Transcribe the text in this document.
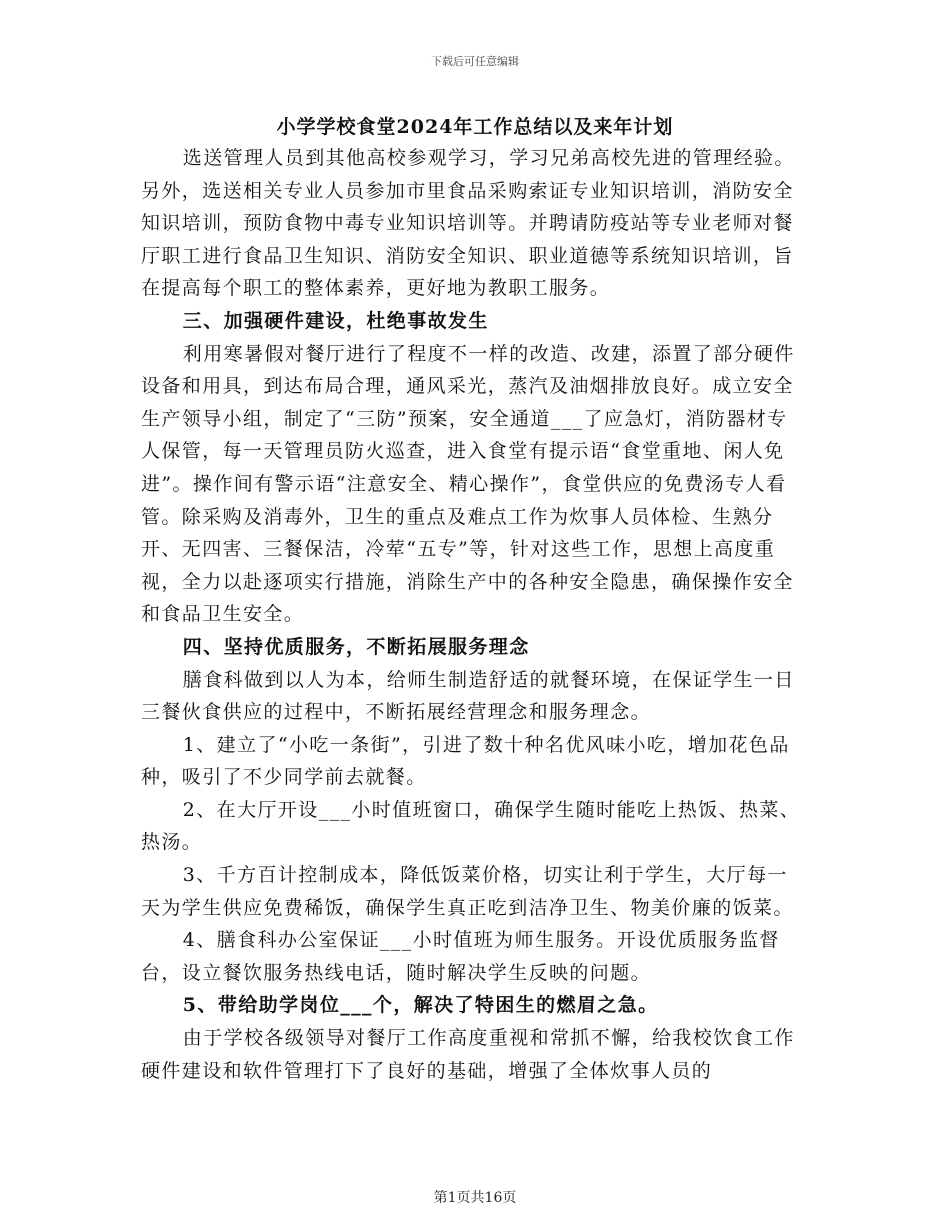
下载后可任意编辑
小学学校食堂2024年工作总结以及来年计划

选送管理人员到其他高校参观学习，学习兄弟高校先进的管理经验。另外，选送相关专业人员参加市里食品采购索证专业知识培训，消防安全知识培训，预防食物中毒专业知识培训等。并聘请防疫站等专业老师对餐厅职工进行食品卫生知识、消防安全知识、职业道德等系统知识培训，旨在提高每个职工的整体素养，更好地为教职工服务。

三、加强硬件建设，杜绝事故发生

利用寒暑假对餐厅进行了程度不一样的改造、改建，添置了部分硬件设备和用具，到达布局合理，通风采光，蒸汽及油烟排放良好。成立安全生产领导小组，制定了“三防”预案，安全通道___了应急灯，消防器材专人保管，每一天管理员防火巡查，进入食堂有提示语“食堂重地、闲人免进”。操作间有警示语“注意安全、精心操作”，食堂供应的免费汤专人看管。除采购及消毒外，卫生的重点及难点工作为炊事人员体检、生熟分开、无四害、三餐保洁，冷荤“五专”等，针对这些工作，思想上高度重视，全力以赴逐项实行措施，消除生产中的各种安全隐患，确保操作安全和食品卫生安全。

四、坚持优质服务，不断拓展服务理念

膳食科做到以人为本，给师生制造舒适的就餐环境，在保证学生一日三餐伙食供应的过程中，不断拓展经营理念和服务理念。

1、建立了“小吃一条街”，引进了数十种名优风味小吃，增加花色品种，吸引了不少同学前去就餐。

2、在大厅开设___小时值班窗口，确保学生随时能吃上热饭、热菜、热汤。

3、千方百计控制成本，降低饭菜价格，切实让利于学生，大厅每一天为学生供应免费稀饭，确保学生真正吃到洁净卫生、物美价廉的饭菜。

4、膳食科办公室保证___小时值班为师生服务。开设优质服务监督台，设立餐饮服务热线电话，随时解决学生反映的问题。

5、带给助学岗位___个，解决了特困生的燃眉之急。

由于学校各级领导对餐厅工作高度重视和常抓不懈，给我校饮食工作硬件建设和软件管理打下了良好的基础，增强了全体炊事人员的

第1页共16页
